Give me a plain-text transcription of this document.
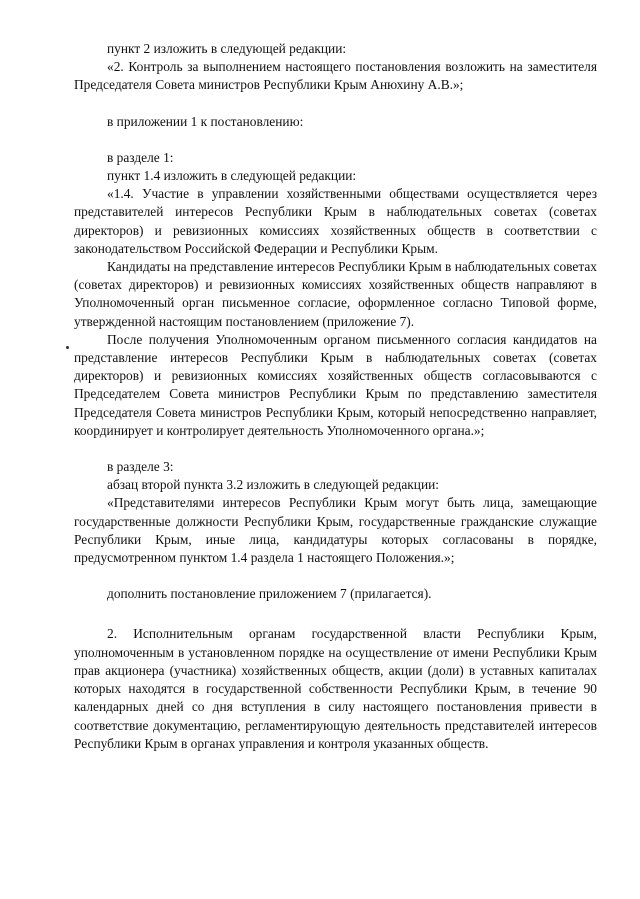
пункт 2 изложить в следующей редакции:

«2. Контроль за выполнением настоящего постановления возложить на заместителя Председателя Совета министров Республики Крым Анюхину А.В.»;

в приложении 1 к постановлению:

в разделе 1:

пункт 1.4 изложить в следующей редакции:

«1.4. Участие в управлении хозяйственными обществами осуществляется через представителей интересов Республики Крым в наблюдательных советах (советах директоров) и ревизионных комиссиях хозяйственных обществ в соответствии с законодательством Российской Федерации и Республики Крым.

Кандидаты на представление интересов Республики Крым в наблюдательных советах (советах директоров) и ревизионных комиссиях хозяйственных обществ направляют в Уполномоченный орган письменное согласие, оформленное согласно Типовой форме, утвержденной настоящим постановлением (приложение 7).

После получения Уполномоченным органом письменного согласия кандидатов на представление интересов Республики Крым в наблюдательных советах (советах директоров) и ревизионных комиссиях хозяйственных обществ согласовываются с Председателем Совета министров Республики Крым по представлению заместителя Председателя Совета министров Республики Крым, который непосредственно направляет, координирует и контролирует деятельность Уполномоченного органа.»;

в разделе 3:

абзац второй пункта 3.2 изложить в следующей редакции:

«Представителями интересов Республики Крым могут быть лица, замещающие государственные должности Республики Крым, государственные гражданские служащие Республики Крым, иные лица, кандидатуры которых согласованы в порядке, предусмотренном пунктом 1.4 раздела 1 настоящего Положения.»;

дополнить постановление приложением 7 (прилагается).

2. Исполнительным органам государственной власти Республики Крым, уполномоченным в установленном порядке на осуществление от имени Республики Крым прав акционера (участника) хозяйственных обществ, акции (доли) в уставных капиталах которых находятся в государственной собственности Республики Крым, в течение 90 календарных дней со дня вступления в силу настоящего постановления привести в соответствие документацию, регламентирующую деятельность представителей интересов Республики Крым в органах управления и контроля указанных обществ.
